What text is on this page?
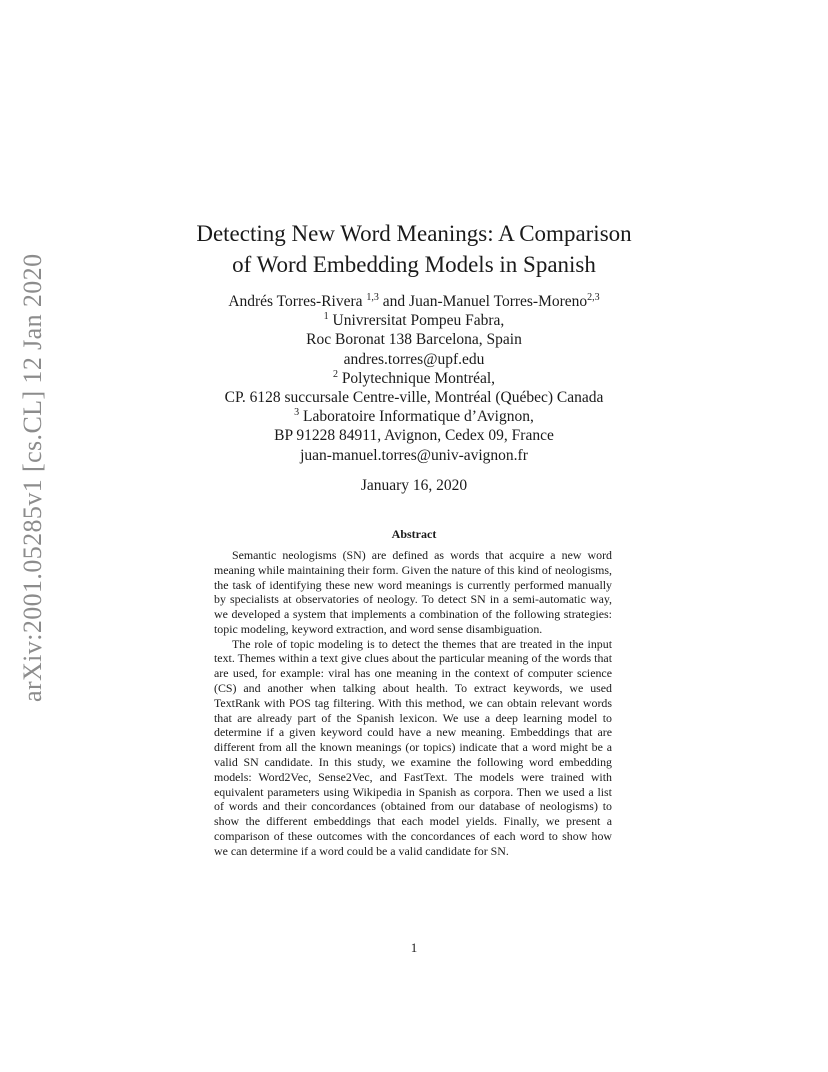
arXiv:2001.05285v1 [cs.CL] 12 Jan 2020
Detecting New Word Meanings: A Comparison
of Word Embedding Models in Spanish
Andrés Torres-Rivera $^{1,3}$ and Juan-Manuel Torres-Moreno$^{2,3}$
$^1$ Univrersitat Pompeu Fabra,
Roc Boronat 138 Barcelona, Spain
andres.torres@upf.edu
$^2$ Polytechnique Montréal,
CP. 6128 succursale Centre-ville, Montréal (Québec) Canada
$^3$ Laboratoire Informatique d’Avignon,
BP 91228 84911, Avignon, Cedex 09, France
juan-manuel.torres@univ-avignon.fr
January 16, 2020
Abstract

Semantic neologisms (SN) are defined as words that acquire a new word meaning while maintaining their form. Given the nature of this kind of neologisms, the task of identifying these new word meanings is currently performed manually by specialists at observatories of neology. To detect SN in a semi-automatic way, we developed a system that implements a combination of the following strategies: topic modeling, keyword extraction, and word sense disambiguation.

The role of topic modeling is to detect the themes that are treated in the input text. Themes within a text give clues about the particular meaning of the words that are used, for example: viral has one meaning in the context of computer science (CS) and another when talking about health. To extract keywords, we used TextRank with POS tag filtering. With this method, we can obtain relevant words that are already part of the Spanish lexicon. We use a deep learning model to determine if a given keyword could have a new meaning. Embeddings that are different from all the known meanings (or topics) indicate that a word might be a valid SN candidate. In this study, we examine the following word embedding models: Word2Vec, Sense2Vec, and FastText. The models were trained with equivalent parameters using Wikipedia in Spanish as corpora. Then we used a list of words and their concordances (obtained from our database of neologisms) to show the different embeddings that each model yields. Finally, we present a comparison of these outcomes with the concordances of each word to show how we can determine if a word could be a valid candidate for SN.

1
